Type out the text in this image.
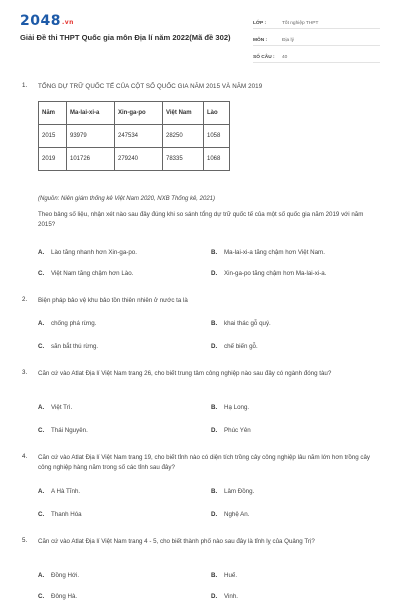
2048.vn
Giải Đề thi THPT Quốc gia môn Địa lí năm 2022(Mã đề 302)
LỚP :	Tốt nghiệp THPT
MÔN :	Địa lý
SỐ CÂU :	40
1. TỔNG DỰ TRỮ QUỐC TẾ CỦA CỘT SỐ QUỐC GIA NĂM 2015 VÀ NĂM 2019
Năm	Ma-lai-xi-a	Xin-ga-po	Việt Nam	Lào
2015	93979	247534	28250	1058
2019	101726	279240	78335	1068
(Nguồn: Niên giám thống kê Việt Nam 2020, NXB Thống kê, 2021)
Theo bảng số liệu, nhận xét nào sau đây đúng khi so sánh tổng dự trữ quốc tế của một số quốc gia năm 2019 với năm 2015?
A. Lào tăng nhanh hơn Xin-ga-po.	B. Ma-lai-xi-a tăng chậm hơn Việt Nam.
C. Việt Nam tăng chậm hơn Lào.	D. Xin-ga-po tăng chậm hơn Ma-lai-xi-a.
2. Biện pháp bảo vệ khu bảo tồn thiên nhiên ở nước ta là
A. chống phá rừng.	B. khai thác gỗ quý.
C. săn bắt thú rừng.	D. chế biến gỗ.
3. Căn cứ vào Atlat Địa lí Việt Nam trang 26, cho biết trung tâm công nghiệp nào sau đây có ngành đóng tàu?
A. Việt Trì.	B. Hạ Long.
C. Thái Nguyên.	D. Phúc Yên
4. Căn cứ vào Atlat Địa lí Việt Nam trang 19, cho biết tỉnh nào có diện tích trồng cây công nghiệp lâu năm lớn hơn trồng cây công nghiệp hàng năm trong số các tỉnh sau đây?
A. A Hà Tĩnh.	B. Lâm Đồng.
C. Thanh Hóa	D. Nghệ An.
5. Căn cứ vào Atlat Địa lí Việt Nam trang 4 - 5, cho biết thành phố nào sau đây là tỉnh lỵ của Quảng Trị?
A. Đồng Hới.	B. Huế.
C. Đông Hà.	D. Vinh.
